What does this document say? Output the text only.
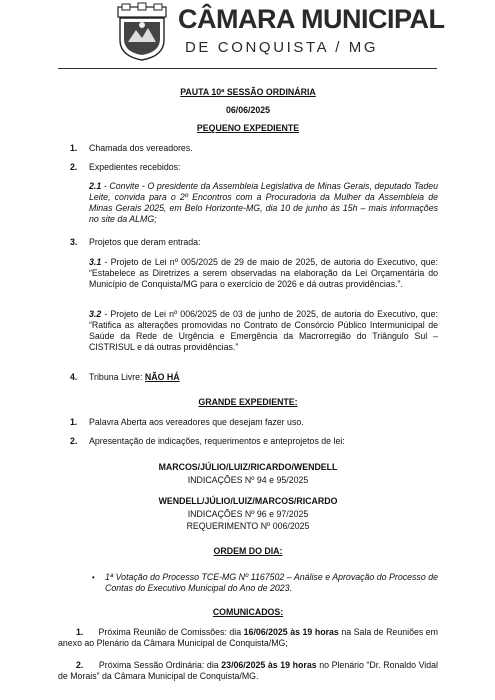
CÂMARA MUNICIPAL
DE CONQUISTA / MG
PAUTA 10ª SESSÃO ORDINÁRIA
06/06/2025
PEQUENO EXPEDIENTE
1. Chamada dos vereadores.
2. Expedientes recebidos:
2.1 - Convite - O presidente da Assembleia Legislativa de Minas Gerais, deputado Tadeu Leite, convida para o 2º Encontros com a Procuradoria da Mulher da Assembleia de Minas Gerais 2025, em Belo Horizonte-MG, dia 10 de junho às 15h – mais informações no site da ALMG;
3. Projetos que deram entrada:
3.1 - Projeto de Lei nº 005/2025 de 29 de maio de 2025, de autoria do Executivo, que: “Estabelece as Diretrizes a serem observadas na elaboração da Lei Orçamentária do Município de Conquista/MG para o exercício de 2026 e dá outras providências.”.
3.2 - Projeto de Lei nº 006/2025 de 03 de junho de 2025, de autoria do Executivo, que: “Ratifica as alterações promovidas no Contrato de Consórcio Público Intermunicipal de Saúde da Rede de Urgência e Emergência da Macrorregião do Triângulo Sul – CISTRISUL e dá outras providências.”
4. Tribuna Livre: NÃO HÁ
GRANDE EXPEDIENTE:
1. Palavra Aberta aos vereadores que desejam fazer uso.
2. Apresentação de indicações, requerimentos e anteprojetos de lei:
MARCOS/JÚLIO/LUIZ/RICARDO/WENDELL
INDICAÇÕES Nº 94 e 95/2025
WENDELL/JÚLIO/LUIZ/MARCOS/RICARDO
INDICAÇÕES Nº 96 e 97/2025
REQUERIMENTO Nº 006/2025
ORDEM DO DIA:
• 1ª Votação do Processo TCE-MG Nº 1167502 – Análise e Aprovação do Processo de Contas do Executivo Municipal do Ano de 2023.
COMUNICADOS:
1. Próxima Reunião de Comissões: dia 16/06/2025 às 19 horas na Sala de Reuniões em anexo ao Plenário da Câmara Municipal de Conquista/MG;
2. Próxima Sessão Ordinária: dia 23/06/2025 às 19 horas no Plenário “Dr. Ronaldo Vidal de Morais” da Câmara Municipal de Conquista/MG.
